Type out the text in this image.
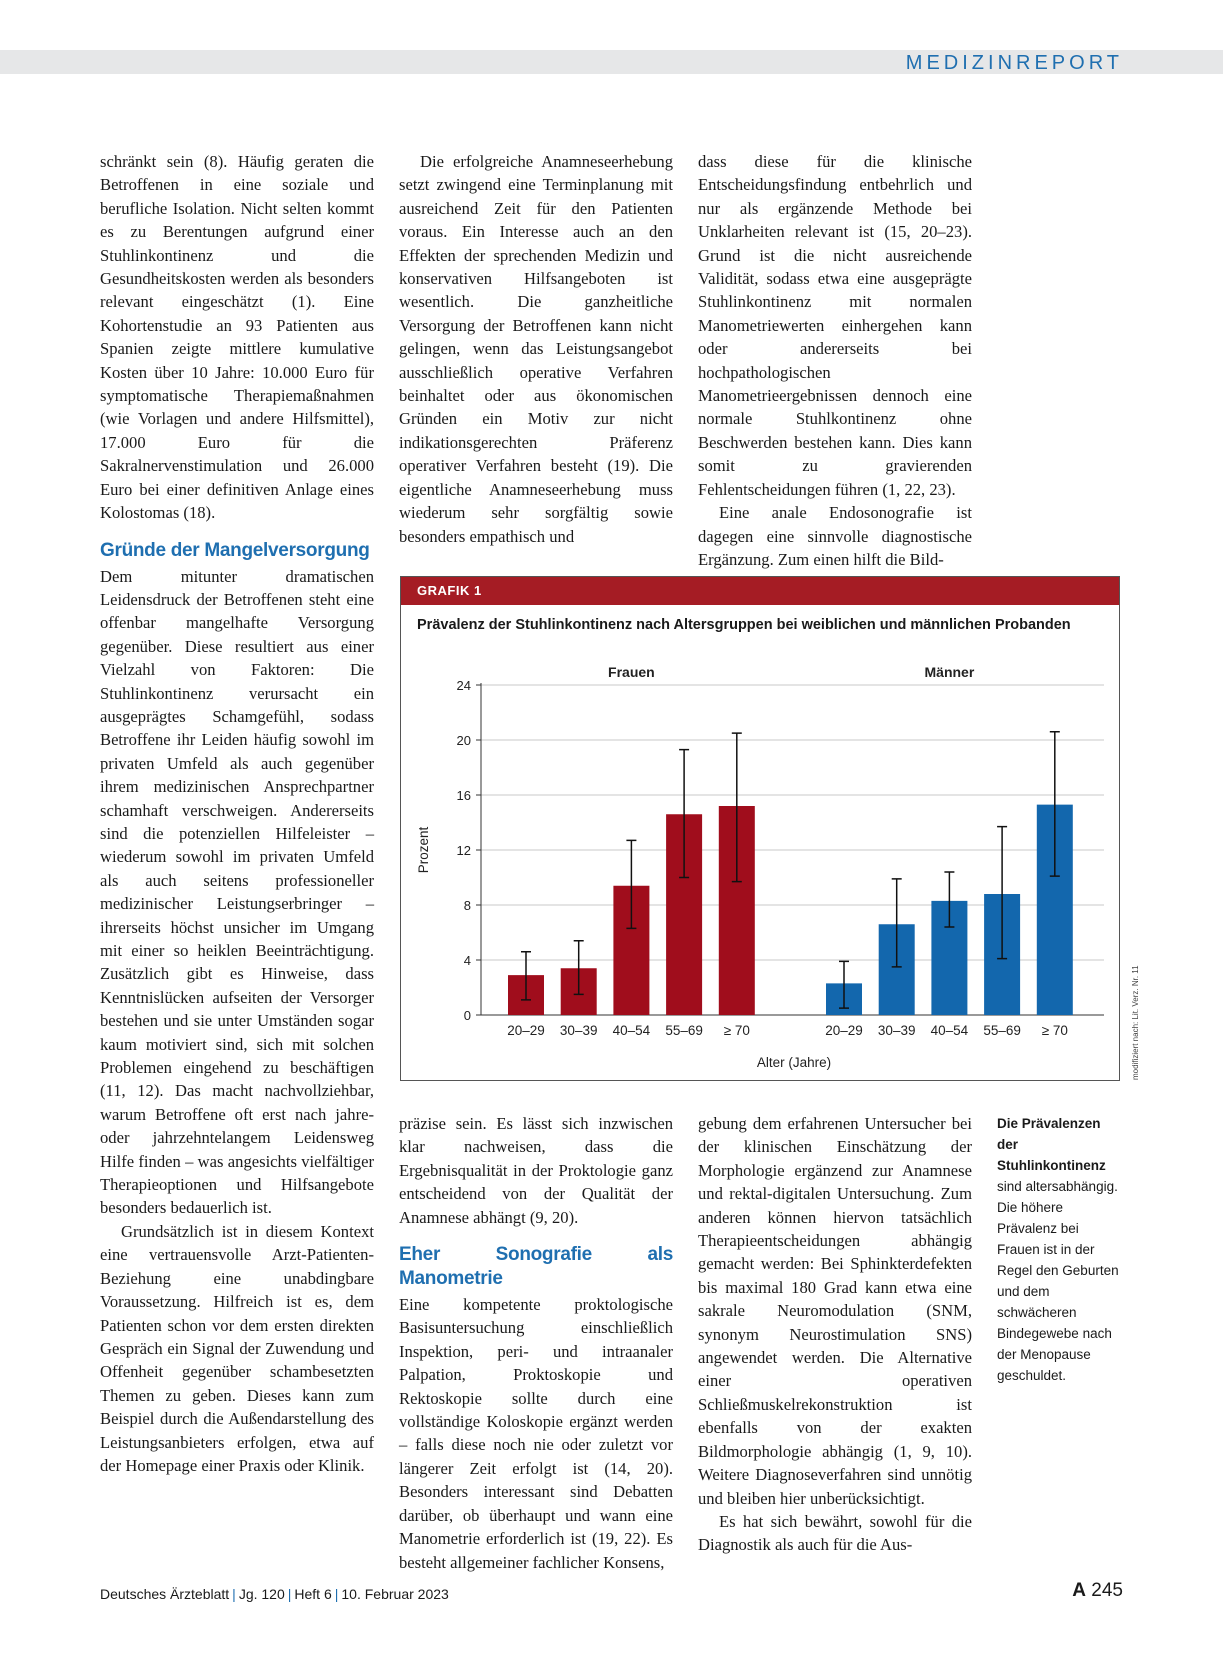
MEDIZINREPORT

schränkt sein (8). Häufig geraten die Betroffenen in eine soziale und berufliche Isolation. Nicht selten kommt es zu Berentungen aufgrund einer Stuhlinkontinenz und die Gesundheitskosten werden als besonders relevant eingeschätzt (1). Eine Kohortenstudie an 93 Patienten aus Spanien zeigte mittlere kumulative Kosten über 10 Jahre: 10.000 Euro für symptomatische Therapiemaßnahmen (wie Vorlagen und andere Hilfsmittel), 17.000 Euro für die Sakralnervenstimulation und 26.000 Euro bei einer definitiven Anlage eines Kolostomas (18).

Gründe der Mangelversorgung

Dem mitunter dramatischen Leidensdruck der Betroffenen steht eine offenbar mangelhafte Versorgung gegenüber. Diese resultiert aus einer Vielzahl von Faktoren: Die Stuhlinkontinenz verursacht ein ausgeprägtes Schamgefühl, sodass Betroffene ihr Leiden häufig sowohl im privaten Umfeld als auch gegenüber ihrem medizinischen Ansprechpartner schamhaft verschweigen. Andererseits sind die potenziellen Hilfeleister – wiederum sowohl im privaten Umfeld als auch seitens professioneller medizinischer Leistungserbringer – ihrerseits höchst unsicher im Umgang mit einer so heiklen Beeinträchtigung. Zusätzlich gibt es Hinweise, dass Kenntnislücken aufseiten der Versorger bestehen und sie unter Umständen sogar kaum motiviert sind, sich mit solchen Problemen eingehend zu beschäftigen (11, 12). Das macht nachvollziehbar, warum Betroffene oft erst nach jahre- oder jahrzehntelangem Leidensweg Hilfe finden – was angesichts vielfältiger Therapieoptionen und Hilfsangebote besonders bedauerlich ist.

Grundsätzlich ist in diesem Kontext eine vertrauensvolle Arzt-Patienten-Beziehung eine unabdingbare Voraussetzung. Hilfreich ist es, dem Patienten schon vor dem ersten direkten Gespräch ein Signal der Zuwendung und Offenheit gegenüber schambesetzten Themen zu geben. Dieses kann zum Beispiel durch die Außendarstellung des Leistungsanbieters erfolgen, etwa auf der Homepage einer Praxis oder Klinik.

Die erfolgreiche Anamneseerhebung setzt zwingend eine Terminplanung mit ausreichend Zeit für den Patienten voraus. Ein Interesse auch an den Effekten der sprechenden Medizin und konservativen Hilfsangeboten ist wesentlich. Die ganzheitliche Versorgung der Betroffenen kann nicht gelingen, wenn das Leistungsangebot ausschließlich operative Verfahren beinhaltet oder aus ökonomischen Gründen ein Motiv zur nicht indikationsgerechten Präferenz operativer Verfahren besteht (19). Die eigentliche Anamneseerhebung muss wiederum sehr sorgfältig sowie besonders empathisch und

dass diese für die klinische Entscheidungsfindung entbehrlich und nur als ergänzende Methode bei Unklarheiten relevant ist (15, 20–23). Grund ist die nicht ausreichende Validität, sodass etwa eine ausgeprägte Stuhlinkontinenz mit normalen Manometriewerten einhergehen kann oder andererseits bei hochpathologischen Manometrieergebnissen dennoch eine normale Stuhlkontinenz ohne Beschwerden bestehen kann. Dies kann somit zu gravierenden Fehlentscheidungen führen (1, 22, 23).

Eine anale Endosonografie ist dagegen eine sinnvolle diagnostische Ergänzung. Zum einen hilft die Bild-

GRAFIK 1
Prävalenz der Stuhlinkontinenz nach Altersgruppen bei weiblichen und männlichen Probanden
0
4
8
12
16
20
24
Prozent
Alter (Jahre)
Frauen
20–29 30–39 40–54 55–69 ≥ 70
Männer
20–29 30–39 40–54 55–69 ≥ 70	modifiziert nach: Lit. Verz. Nr. 11

präzise sein. Es lässt sich inzwischen klar nachweisen, dass die Ergebnisqualität in der Proktologie ganz entscheidend von der Qualität der Anamnese abhängt (9, 20).

Eher Sonografie als Manometrie

Eine kompetente proktologische Basisuntersuchung einschließlich Inspektion, peri- und intraanaler Palpation, Proktoskopie und Rektoskopie sollte durch eine vollständige Koloskopie ergänzt werden – falls diese noch nie oder zuletzt vor längerer Zeit erfolgt ist (14, 20). Besonders interessant sind Debatten darüber, ob überhaupt und wann eine Manometrie erforderlich ist (19, 22). Es besteht allgemeiner fachlicher Konsens,

gebung dem erfahrenen Untersucher bei der klinischen Einschätzung der Morphologie ergänzend zur Anamnese und rektal-digitalen Untersuchung. Zum anderen können hiervon tatsächlich Therapieentscheidungen abhängig gemacht werden: Bei Sphinkterdefekten bis maximal 180 Grad kann etwa eine sakrale Neuromodulation (SNM, synonym Neurostimulation SNS) angewendet werden. Die Alternative einer operativen Schließmuskelrekonstruktion ist ebenfalls von der exakten Bildmorphologie abhängig (1, 9, 10). Weitere Diagnoseverfahren sind unnötig und bleiben hier unberücksichtigt.

Es hat sich bewährt, sowohl für die Diagnostik als auch für die Aus-

Die Prävalenzen der Stuhlinkontinenz
sind altersabhängig. Die höhere Prävalenz bei Frauen ist in der Regel den Geburten und dem schwächeren Bindegewebe nach der Menopause geschuldet.
Deutsches Ärzteblatt | Jg. 120 | Heft 6 | 10. Februar 2023	A 245
